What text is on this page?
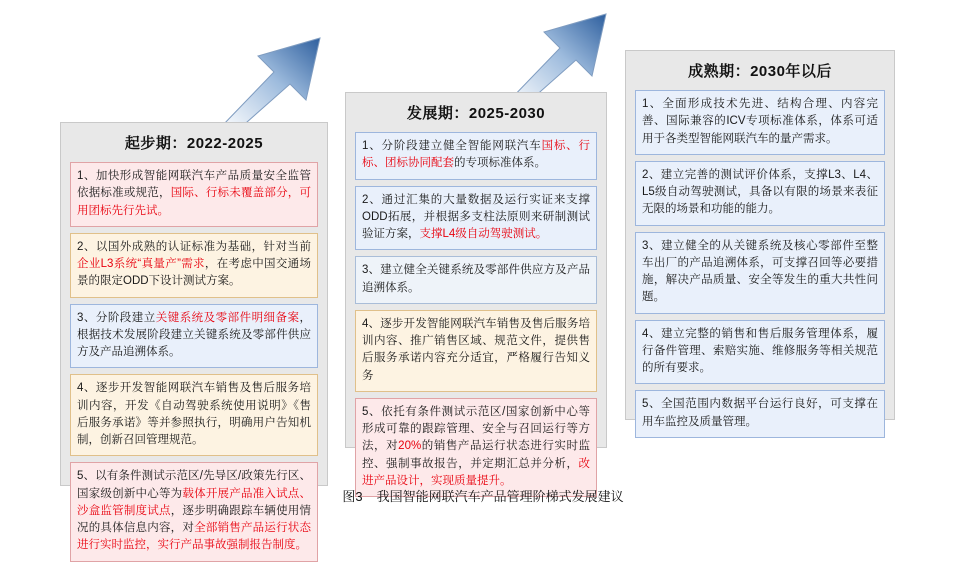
起步期：2022-2025
1、加快形成智能网联汽车产品质量安全监管依据标准或规范，国际、行标未覆盖部分，可用团标先行先试。
2、以国外成熟的认证标准为基础，针对当前企业L3系统“真量产”需求，在考虑中国交通场景的限定ODD下设计测试方案。
3、分阶段建立关键系统及零部件明细备案，根据技术发展阶段建立关键系统及零部件供应方及产品追溯体系。
4、逐步开发智能网联汽车销售及售后服务培训内容，开发《自动驾驶系统使用说明》《售后服务承诺》等并参照执行，明确用户告知机制，创新召回管理规范。
5、以有条件测试示范区/先导区/政策先行区、国家级创新中心等为载体开展产品准入试点、沙盒监管制度试点，逐步明确跟踪车辆使用情况的具体信息内容，对全部销售产品运行状态进行实时监控，实行产品事故强制报告制度。
发展期：2025-2030
1、分阶段建立健全智能网联汽车国标、行标、团标协同配套的专项标准体系。
2、通过汇集的大量数据及运行实证来支撑ODD拓展，并根据多支柱法原则来研制测试验证方案，支撑L4级自动驾驶测试。
3、建立健全关键系统及零部件供应方及产品追溯体系。
4、逐步开发智能网联汽车销售及售后服务培训内容、推广销售区域、规范文件，提供售后服务承诺内容充分适宜，严格履行告知义务
5、依托有条件测试示范区/国家创新中心等形成可靠的跟踪管理、安全与召回运行等方法，对20%的销售产品运行状态进行实时监控、强制事故报告，并定期汇总并分析，改进产品设计，实现质量提升。
成熟期：2030年以后
1、全面形成技术先进、结构合理、内容完善、国际兼容的ICV专项标准体系，体系可适用于各类型智能网联汽车的量产需求。
2、建立完善的测试评价体系，支撑L3、L4、L5级自动驾驶测试，具备以有限的场景来表征无限的场景和功能的能力。
3、建立健全的从关键系统及核心零部件至整车出厂的产品追溯体系，可支撑召回等必要措施，解决产品质量、安全等发生的重大共性问题。
4、建立完整的销售和售后服务管理体系，履行备件管理、索赔实施、维修服务等相关规范的所有要求。
5、全国范围内数据平台运行良好，可支撑在用车监控及质量管理。
图3 我国智能网联汽车产品管理阶梯式发展建议
